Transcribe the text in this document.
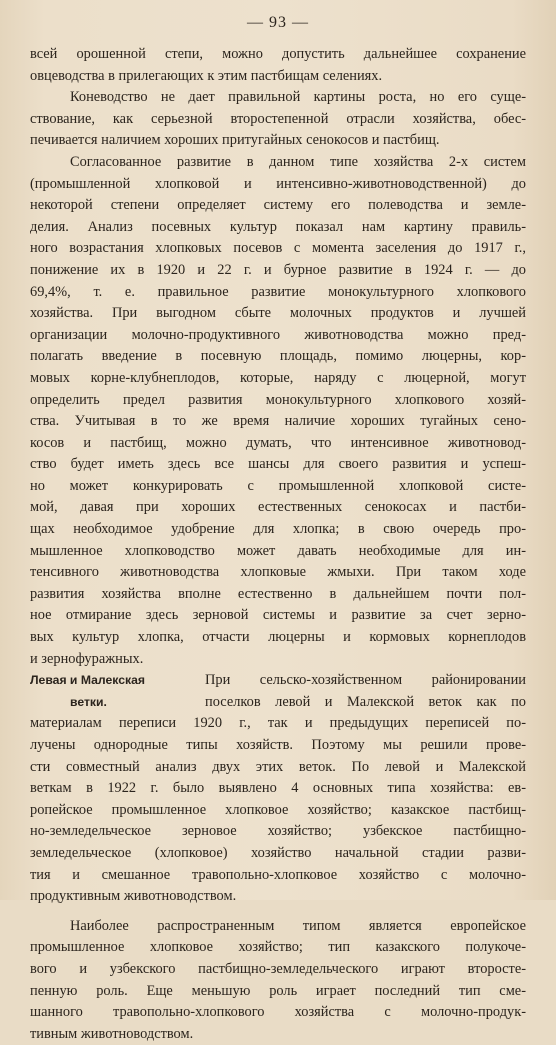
— 93 —

всей орошенной степи, можно допустить дальнейшее сохранение

овцеводства в прилегающих к этим пастбищам селениях.

Коневодство не дает правильной картины роста, но его суще-

ствование, как серьезной второстепенной отрасли хозяйства, обес-

печивается наличием хороших притугайных сенокосов и пастбищ.

Согласованное развитие в данном типе хозяйства 2-х систем

(промышленной хлопковой и интенсивно-животноводственной) до

некоторой степени определяет систему его полеводства и земле-

делия. Анализ посевных культур показал нам картину правиль-

ного возрастания хлопковых посевов с момента заселения до 1917 г.,

понижение их в 1920 и 22 г. и бурное развитие в 1924 г. — до

69,4%, т. е. правильное развитие монокультурного хлопкового

хозяйства. При выгодном сбыте молочных продуктов и лучшей

организации молочно-продуктивного животноводства можно пред-

полагать введение в посевную площадь, помимо люцерны, кор-

мовых корне-клубнеплодов, которые, наряду с люцерной, могут

определить предел развития монокультурного хлопкового хозяй-

ства. Учитывая в то же время наличие хороших тугайных сено-

косов и пастбищ, можно думать, что интенсивное животновод-

ство будет иметь здесь все шансы для своего развития и успеш-

но может конкурировать с промышленной хлопковой систе-

мой, давая при хороших естественных сенокосах и пастби-

щах необходимое удобрение для хлопка; в свою очередь про-

мышленное хлопководство может давать необходимые для ин-

тенсивного животноводства хлопковые жмыхи. При таком ходе

развития хозяйства вполне естественно в дальнейшем почти пол-

ное отмирание здесь зерновой системы и развитие за счет зерно-

вых культур хлопка, отчасти люцерны и кормовых корнеплодов

и зернофуражных.

Левая и Малекская
ветки.

При сельско-хозяйственном районировании

поселков левой и Малекской веток как по

материалам переписи 1920 г., так и предыдущих переписей по-

лучены однородные типы хозяйств. Поэтому мы решили прове-

сти совместный анализ двух этих веток. По левой и Малекской

веткам в 1922 г. было выявлено 4 основных типа хозяйства: ев-

ропейское промышленное хлопковое хозяйство; казакское пастбищ-

но-земледельческое зерновое хозяйство; узбекское пастбищно-

земледельческое (хлопковое) хозяйство начальной стадии разви-

тия и смешанное травопольно-хлопковое хозяйство с молочно-

продуктивным животноводством.

Наиболее распространенным типом является европейское

промышленное хлопковое хозяйство; тип казакского полукоче-

вого и узбекского пастбищно-земледельческого играют второсте-

пенную роль. Еще меньшую роль играет последний тип сме-

шанного травопольно-хлопкового хозяйства с молочно-продук-

тивным животноводством.
